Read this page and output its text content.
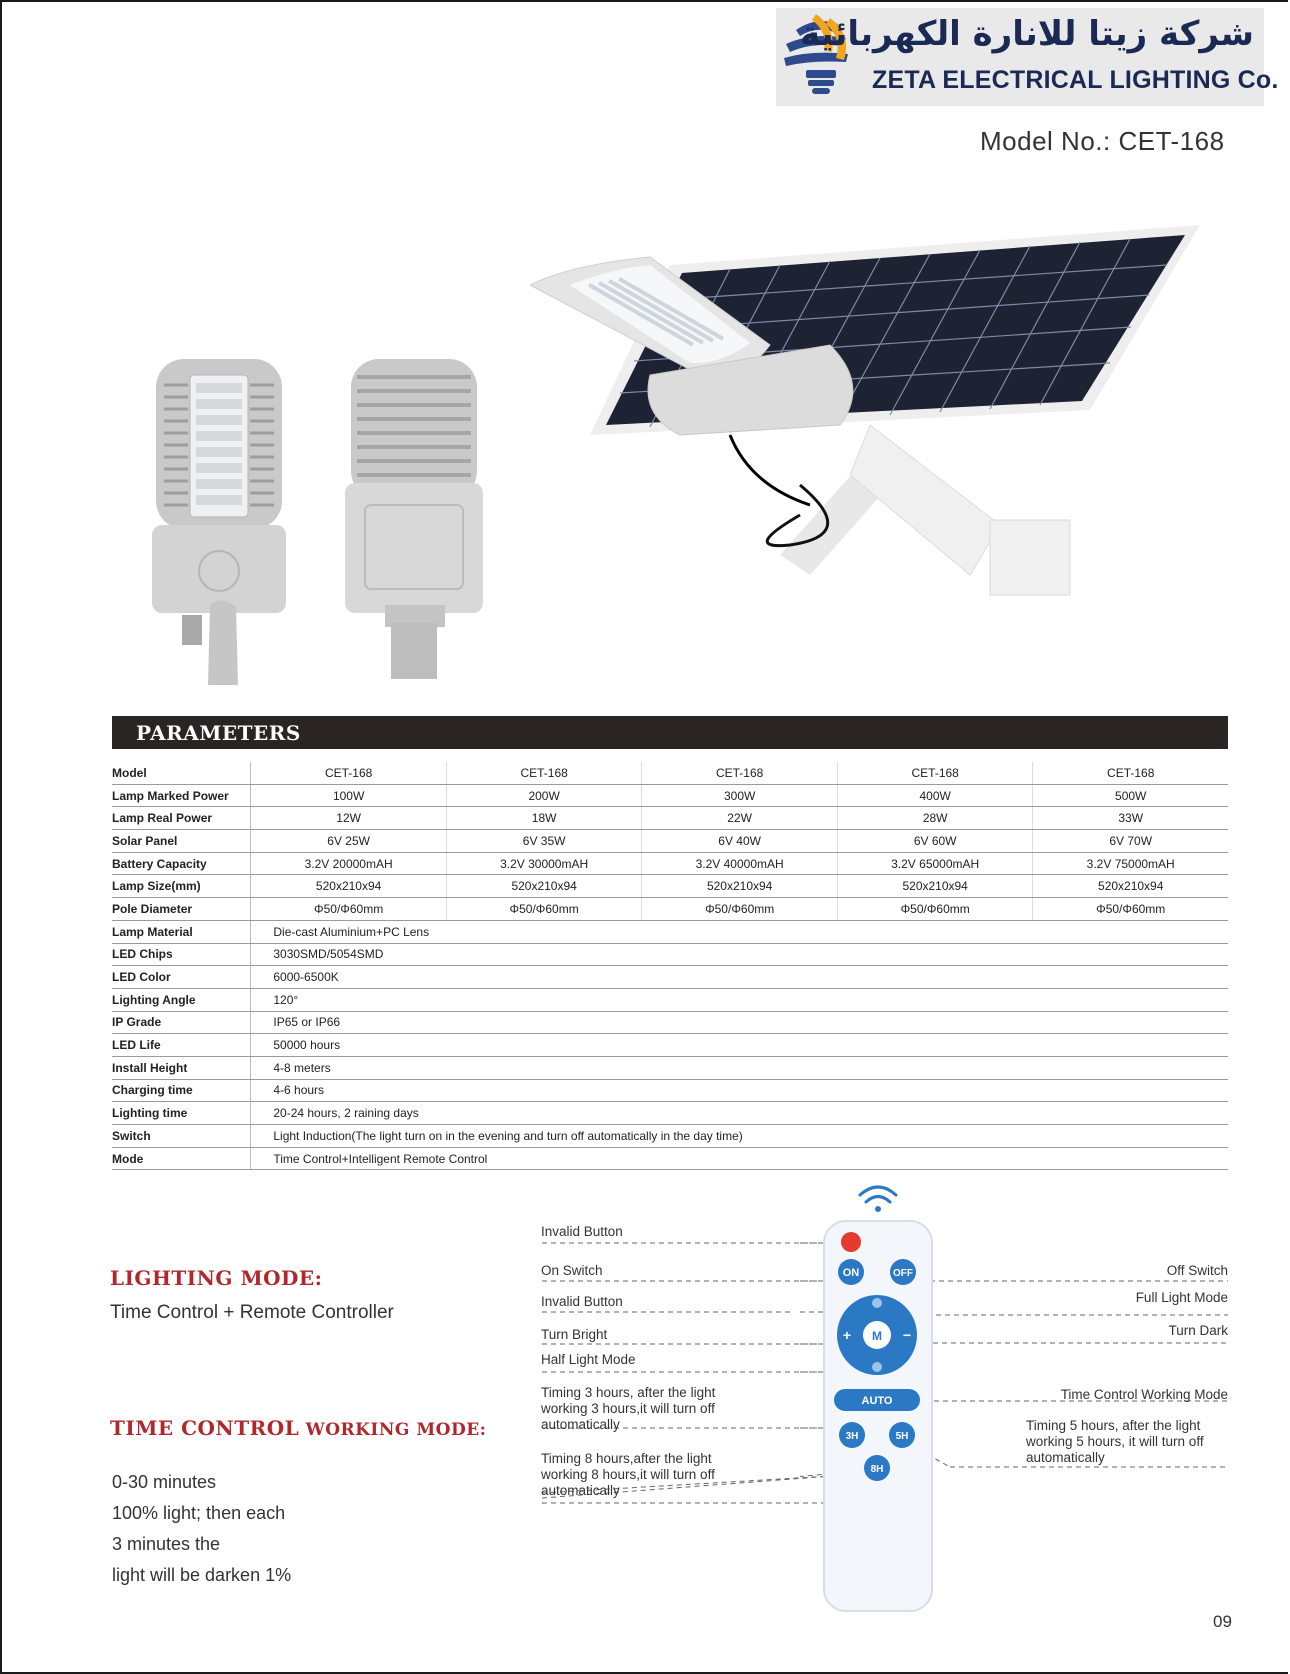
شركة زيتا للانارة الكهربائية
ZETA ELECTRICAL LIGHTING Co.
Model No.: CET-168
PARAMETERS
Model	CET-168	CET-168	CET-168	CET-168	CET-168
Lamp Marked Power	100W	200W	300W	400W	500W
Lamp Real Power	12W	18W	22W	28W	33W
Solar Panel	6V 25W	6V 35W	6V 40W	6V 60W	6V 70W
Battery Capacity	3.2V 20000mAH	3.2V 30000mAH	3.2V 40000mAH	3.2V 65000mAH	3.2V 75000mAH
Lamp Size(mm)	520x210x94	520x210x94	520x210x94	520x210x94	520x210x94
Pole Diameter	Φ50/Φ60mm	Φ50/Φ60mm	Φ50/Φ60mm	Φ50/Φ60mm	Φ50/Φ60mm
Lamp Material	Die-cast Aluminium+PC Lens				
LED Chips	3030SMD/5054SMD				
LED Color	6000-6500K				
Lighting Angle	120°				
IP Grade	IP65 or IP66				
LED Life	50000 hours				
Install Height	4-8 meters				
Charging time	4-6 hours				
Lighting time	20-24 hours, 2 raining days				
Switch	Light Induction(The light turn on in the evening and turn off automatically in the day time)				
Mode	Time Control+Intelligent Remote Control				
LIGHTING MODE:
Time Control + Remote Controller
TIME CONTROL WORKING MODE:
0-30 minutes
100% light; then each
3 minutes the
light will be darken 1%
ON	OFF
M
+	−
AUTO
3H	5H
8H
Invalid Button
On Switch
Invalid Button
Turn Bright
Half Light Mode
Timing 3 hours, after the light
working 3 hours,it will turn off
automatically
Timing 8 hours,after the light
working 8 hours,it will turn off
automatically
Off Switch
Full Light Mode
Turn Dark
Time Control Working Mode
Timing 5 hours, after the light
working 5 hours, it will turn off
automatically
09
